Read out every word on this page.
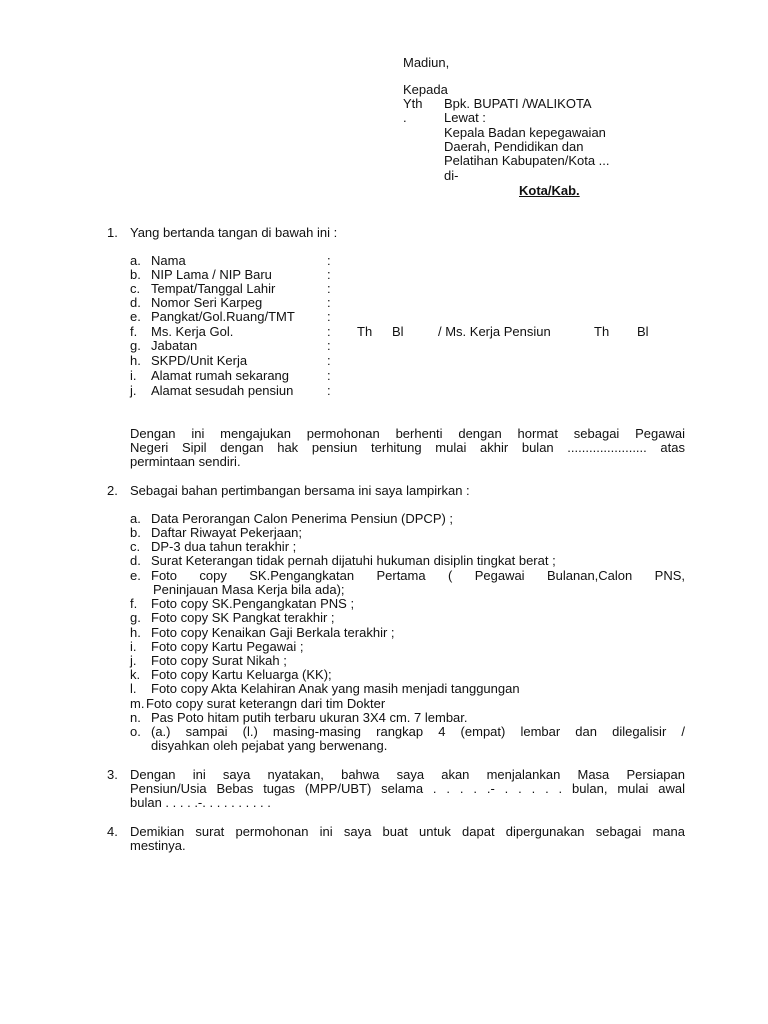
Madiun,
Kepada
Yth Bpk. BUPATI /WALIKOTA
.	Lewat :
Kepala Badan kepegawaian
Daerah, Pendidikan dan
Pelatihan Kabupaten/Kota ...
di-
Kota/Kab.
1. Yang bertanda tangan di bawah ini :
a. Nama	:
b. NIP Lama / NIP Baru	:
c. Tempat/Tanggal Lahir	:
d. Nomor Seri Karpeg	:
e. Pangkat/Gol.Ruang/TMT :
f. Ms. Kerja Gol.	: Th Bl	/ Ms. Kerja Pensiun	Th Bl
g. Jabatan	:
h. SKPD/Unit Kerja	:
i. Alamat rumah sekarang	:
j. Alamat sesudah pensiun	:
Dengan ini mengajukan permohonan berhenti dengan hormat sebagai Pegawai
Negeri Sipil dengan hak pensiun terhitung mulai akhir bulan ...................... atas
permintaan sendiri.
2. Sebagai bahan pertimbangan bersama ini saya lampirkan :
a. Data Perorangan Calon Penerima Pensiun (DPCP) ;
b. Daftar Riwayat Pekerjaan;
c. DP-3 dua tahun terakhir ;
d. Surat Keterangan tidak pernah dijatuhi hukuman disiplin tingkat berat ;
e. Foto copy SK.Pengangkatan Pertama ( Pegawai Bulanan,Calon PNS,
Peninjauan Masa Kerja bila ada);
f. Foto copy SK.Pengangkatan PNS ;
g. Foto copy SK Pangkat terakhir ;
h. Foto copy Kenaikan Gaji Berkala terakhir ;
i. Foto copy Kartu Pegawai ;
j. Foto copy Surat Nikah ;
k. Foto copy Kartu Keluarga (KK);
l. Foto copy Akta Kelahiran Anak yang masih menjadi tanggungan
m. Foto copy surat keterangn dari tim Dokter
n. Pas Poto hitam putih terbaru ukuran 3X4 cm. 7 lembar.
o. (a.) sampai (l.) masing-masing rangkap 4 (empat) lembar dan dilegalisir /
disyahkan oleh pejabat yang berwenang.
3. Dengan ini saya nyatakan, bahwa saya akan menjalankan Masa Persiapan
Pensiun/Usia Bebas tugas (MPP/UBT) selama . . . . .- . . . . . bulan, mulai awal
bulan . . . . .-. . . . . . . . . .
4. Demikian surat permohonan ini saya buat untuk dapat dipergunakan sebagai mana
mestinya.
